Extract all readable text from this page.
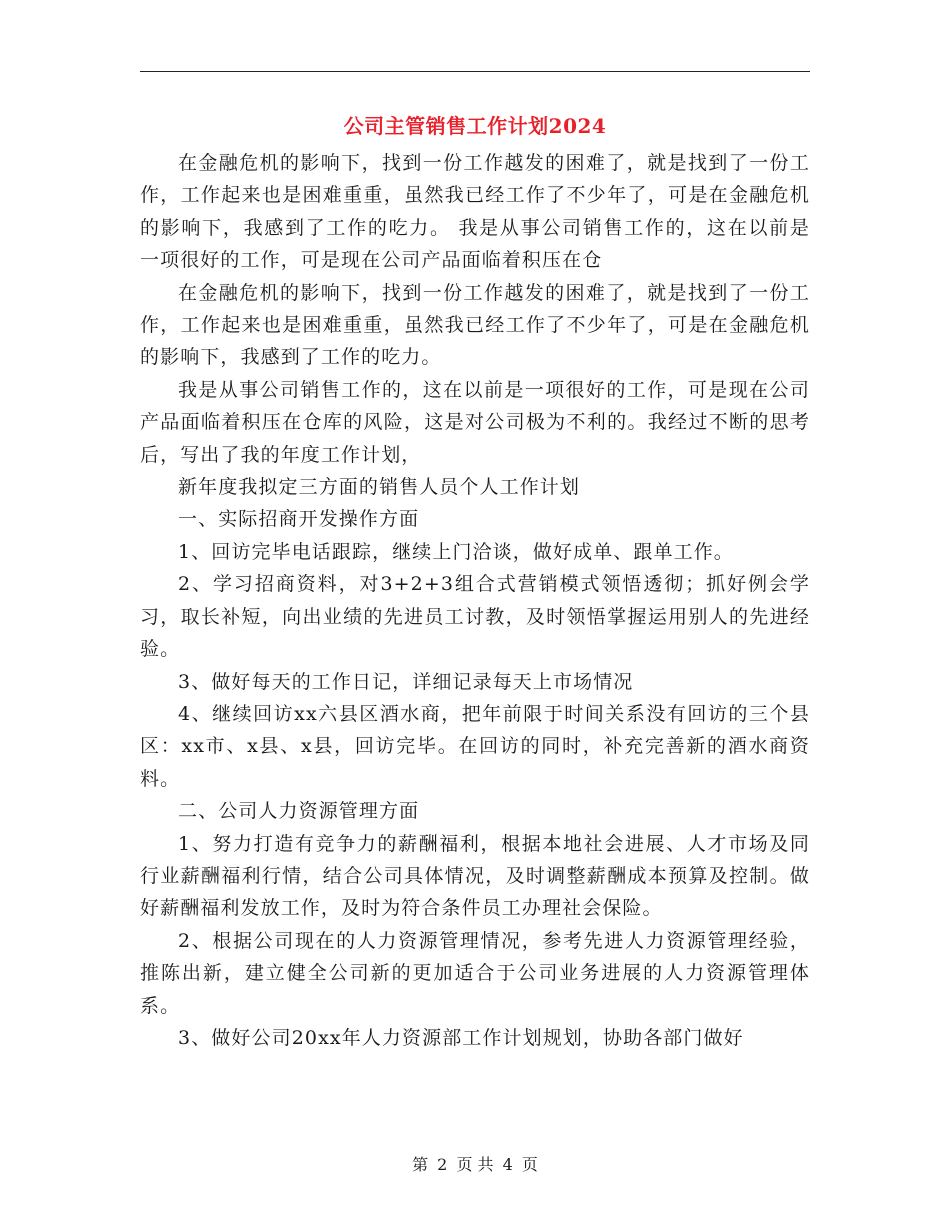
公司主管销售工作计划2024

在金融危机的影响下，找到一份工作越发的困难了，就是找到了一份工作，工作起来也是困难重重，虽然我已经工作了不少年了，可是在金融危机的影响下，我感到了工作的吃力。 我是从事公司销售工作的，这在以前是一项很好的工作，可是现在公司产品面临着积压在仓

在金融危机的影响下，找到一份工作越发的困难了，就是找到了一份工作，工作起来也是困难重重，虽然我已经工作了不少年了，可是在金融危机的影响下，我感到了工作的吃力。

我是从事公司销售工作的，这在以前是一项很好的工作，可是现在公司产品面临着积压在仓库的风险，这是对公司极为不利的。我经过不断的思考后，写出了我的年度工作计划，

新年度我拟定三方面的销售人员个人工作计划

一、实际招商开发操作方面

1、回访完毕电话跟踪，继续上门洽谈，做好成单、跟单工作。

2、学习招商资料，对3+2+3组合式营销模式领悟透彻；抓好例会学习，取长补短，向出业绩的先进员工讨教，及时领悟掌握运用别人的先进经验。

3、做好每天的工作日记，详细记录每天上市场情况

4、继续回访xx六县区酒水商，把年前限于时间关系没有回访的三个县区：xx市、x县、x县，回访完毕。在回访的同时，补充完善新的酒水商资料。

二、公司人力资源管理方面

1、努力打造有竞争力的薪酬福利，根据本地社会进展、人才市场及同行业薪酬福利行情，结合公司具体情况，及时调整薪酬成本预算及控制。做好薪酬福利发放工作，及时为符合条件员工办理社会保险。

2、根据公司现在的人力资源管理情况，参考先进人力资源管理经验，推陈出新，建立健全公司新的更加适合于公司业务进展的人力资源管理体系。

3、做好公司20xx年人力资源部工作计划规划，协助各部门做好

第 2 页 共 4 页
